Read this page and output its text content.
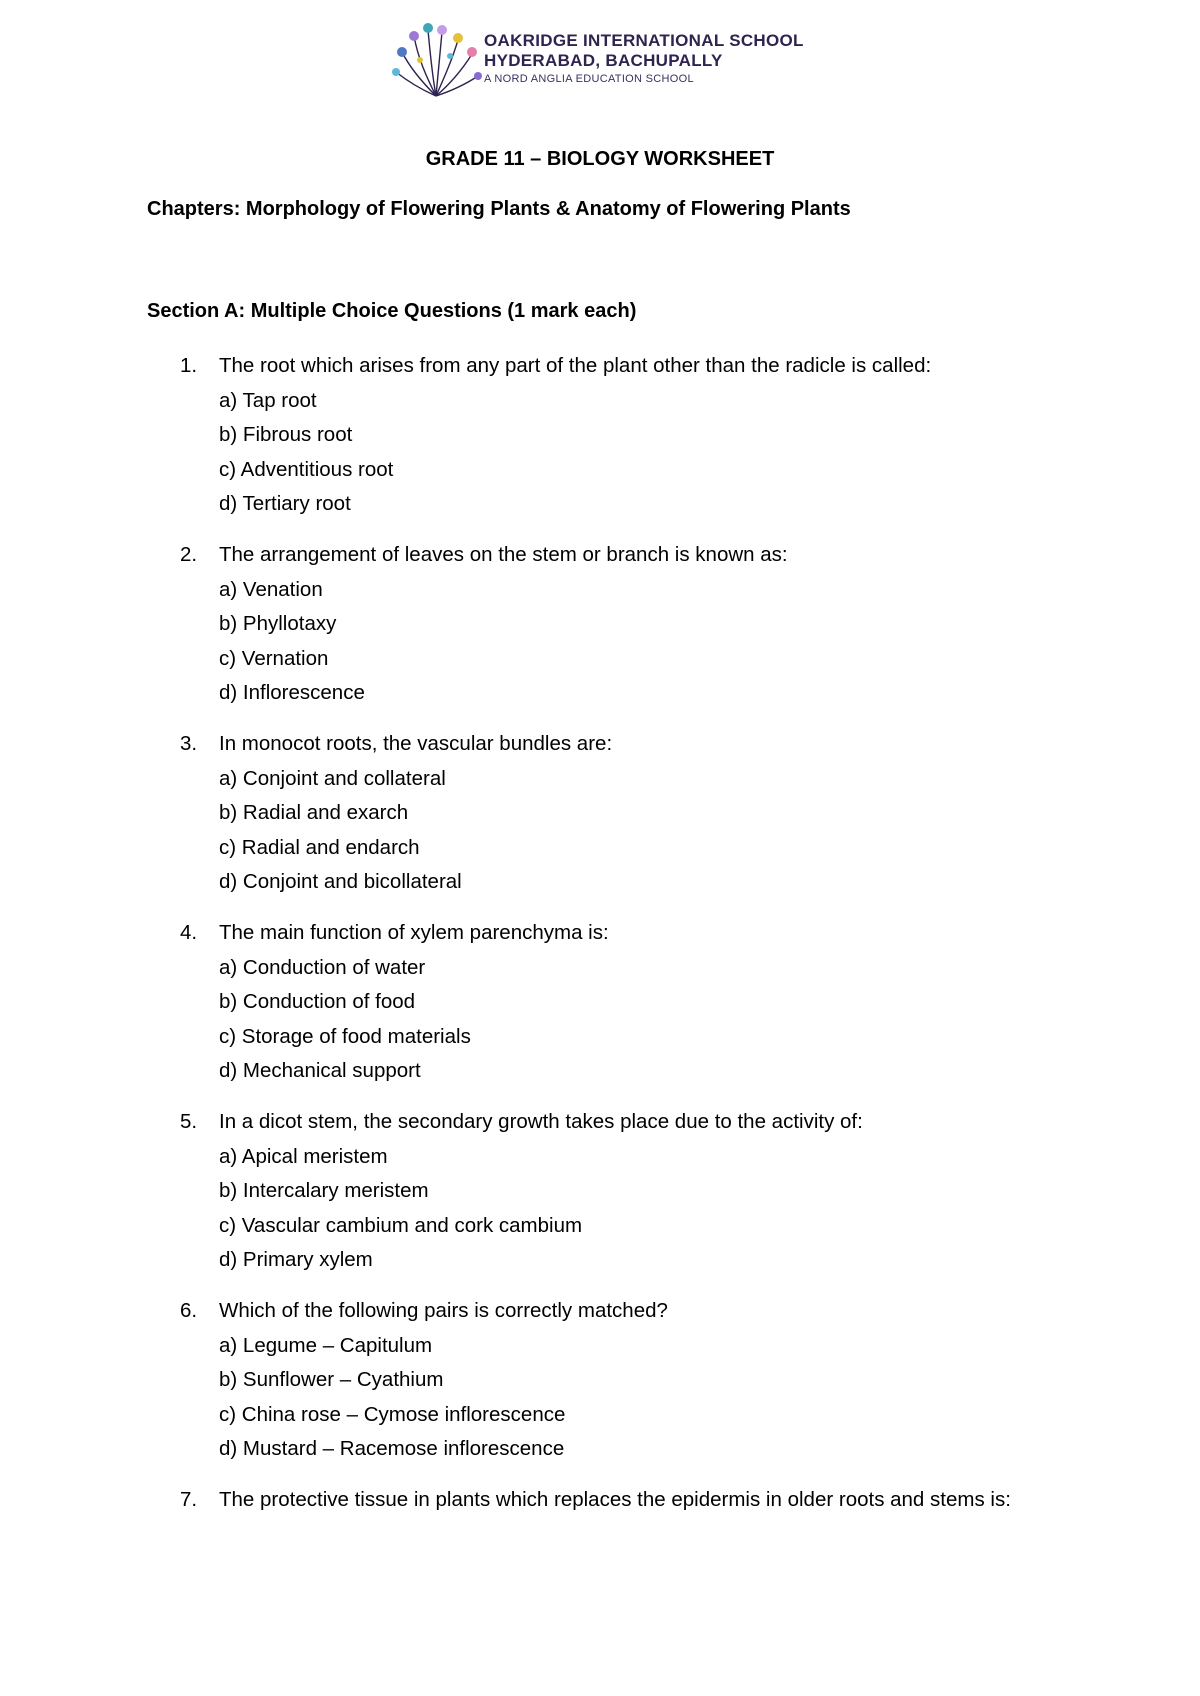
OAKRIDGE INTERNATIONAL SCHOOL
HYDERABAD, BACHUPALLY
A NORD ANGLIA EDUCATION SCHOOL
GRADE 11 – BIOLOGY WORKSHEET
Chapters: Morphology of Flowering Plants & Anatomy of Flowering Plants
Section A: Multiple Choice Questions (1 mark each)
1. The root which arises from any part of the plant other than the radicle is called:
a) Tap root
b) Fibrous root
c) Adventitious root
d) Tertiary root
2. The arrangement of leaves on the stem or branch is known as:
a) Venation
b) Phyllotaxy
c) Vernation
d) Inflorescence
3. In monocot roots, the vascular bundles are:
a) Conjoint and collateral
b) Radial and exarch
c) Radial and endarch
d) Conjoint and bicollateral
4. The main function of xylem parenchyma is:
a) Conduction of water
b) Conduction of food
c) Storage of food materials
d) Mechanical support
5. In a dicot stem, the secondary growth takes place due to the activity of:
a) Apical meristem
b) Intercalary meristem
c) Vascular cambium and cork cambium
d) Primary xylem
6. Which of the following pairs is correctly matched?
a) Legume – Capitulum
b) Sunflower – Cyathium
c) China rose – Cymose inflorescence
d) Mustard – Racemose inflorescence
7. The protective tissue in plants which replaces the epidermis in older roots and stems is:
